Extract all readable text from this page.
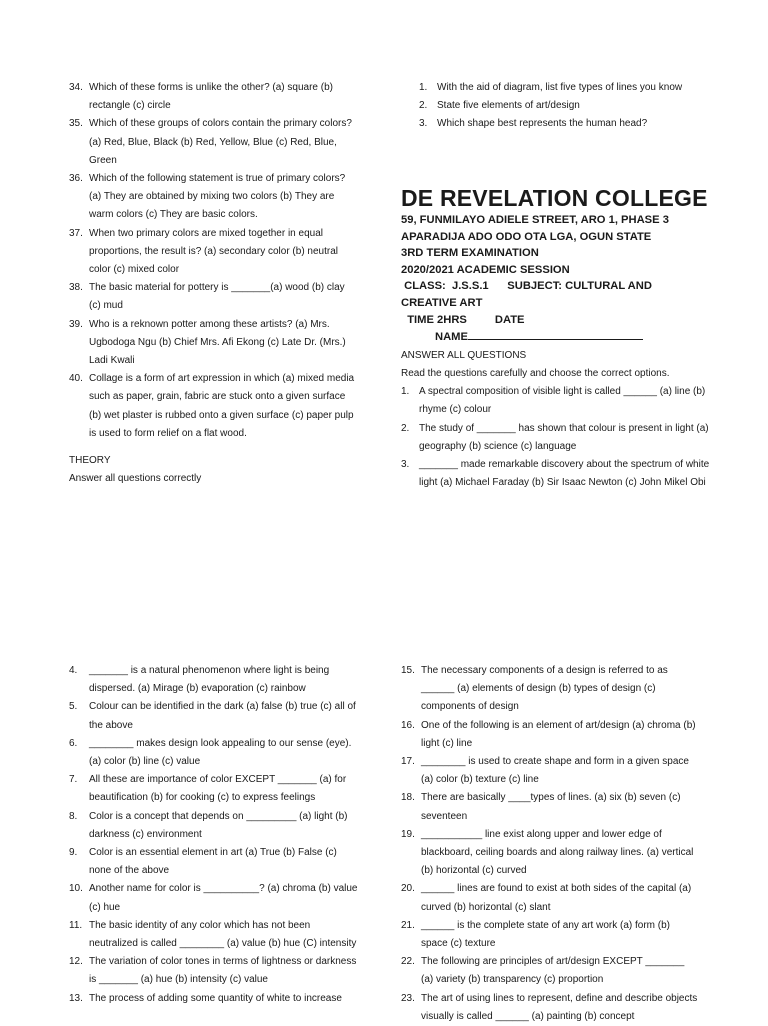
34. Which of these forms is unlike the other? (a) square (b) rectangle (c) circle
35. Which of these groups of colors contain the primary colors? (a) Red, Blue, Black (b) Red, Yellow, Blue (c) Red, Blue, Green
36. Which of the following statement is true of primary colors? (a) They are obtained by mixing two colors (b) They are warm colors (c) They are basic colors.
37. When two primary colors are mixed together in equal proportions, the result is? (a) secondary color (b) neutral color (c) mixed color
38. The basic material for pottery is _______(a) wood (b) clay (c) mud
39. Who is a reknown potter among these artists? (a) Mrs. Ugbodoga Ngu (b) Chief Mrs. Afi Ekong (c) Late Dr. (Mrs.) Ladi Kwali
40. Collage is a form of art expression in which (a) mixed media such as paper, grain, fabric are stuck onto a given surface (b) wet plaster is rubbed onto a given surface (c) paper pulp is used to form relief on a flat wood.
THEORY
Answer all questions correctly
1. With the aid of diagram, list five types of lines you know
2. State five elements of art/design
3. Which shape best represents the human head?
DE REVELATION COLLEGE
59, FUNMILAYO ADIELE STREET, ARO 1, PHASE 3
APARADIJA ADO ODO OTA LGA, OGUN STATE
3RD TERM EXAMINATION
2020/2021 ACADEMIC SESSION
CLASS:  J.S.S.1      SUBJECT: CULTURAL AND
CREATIVE ART
TIME 2HRS         DATE
NAME
ANSWER ALL QUESTIONS
Read the questions carefully and choose the correct options.
1. A spectral composition of visible light is called ______ (a) line (b) rhyme (c) colour
2. The study of _______ has shown that colour is present in light (a) geography (b) science (c) language
3. _______ made remarkable discovery about the spectrum of white light (a) Michael Faraday (b) Sir Isaac Newton (c) John Mikel Obi
4.	_______ is a natural phenomenon where light is being dispersed. (a) Mirage (b) evaporation (c) rainbow
5.	Colour can be identified in the dark (a) false (b) true (c) all of the above
6.	________ makes design look appealing to our sense (eye). (a) color (b) line (c) value
7.	All these are importance of color EXCEPT _______ (a) for beautification (b) for cooking (c) to express feelings
8.	Color is a concept that depends on _________ (a) light (b) darkness (c) environment
9.	Color is an essential element in art (a) True (b) False (c) none of the above
10. Another name for color is __________? (a) chroma (b) value (c) hue
11. The basic identity of any color which has not been neutralized is called ________ (a) value (b) hue (C) intensity
12. The variation of color tones in terms of lightness or darkness is _______ (a) hue (b) intensity (c) value
13. The process of adding some quantity of white to increase
15. The necessary components of a design is referred to as ______ (a) elements of design (b) types of design (c) components of design
16. One of the following is an element of art/design (a) chroma (b) light (c) line
17. ________ is used to create shape and form in a given space (a) color (b) texture (c) line
18. There are basically ____types of lines. (a) six (b) seven (c) seventeen
19. ___________ line exist along upper and lower edge of blackboard, ceiling boards and along railway lines. (a) vertical (b) horizontal (c) curved
20. ______ lines are found to exist at both sides of the capital (a) curved (b) horizontal (c) slant
21. ______ is the complete state of any art work (a) form (b) space (c) texture
22. The following are principles of art/design EXCEPT _______ (a) variety (b) transparency (c) proportion
23. The art of using lines to represent, define and describe objects visually is called ______ (a) painting (b) concept
